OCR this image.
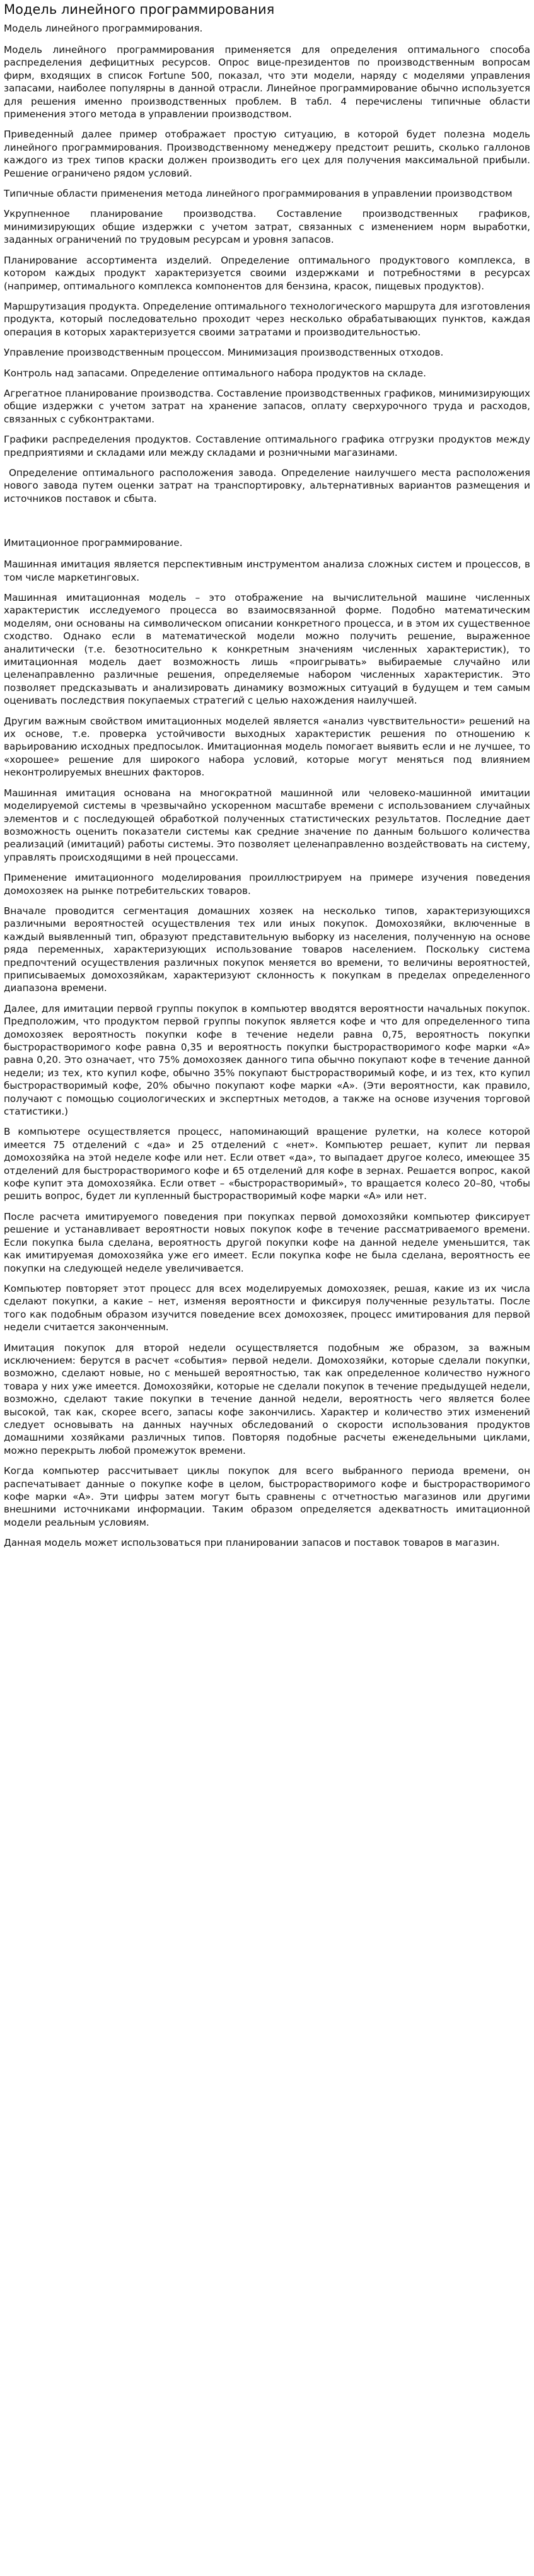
Модель линейного программирования
Модель линейного программирования.

Модель линейного программирования применяется для определения оптимального способа распределения дефицитных ресурсов. Опрос вице-президентов по производственным вопросам фирм, входящих в список Fortune 500, показал, что эти модели, наряду с моделями управления запасами, наиболее популярны в данной отрасли. Линейное программирование обычно используется для решения именно производственных проблем. В табл. 4 перечислены типичные области применения этого метода в управлении производством.

Приведенный далее пример отображает простую ситуацию, в которой будет полезна модель линейного программирования. Производственному менеджеру предстоит решить, сколько галлонов каждого из трех типов краски должен производить его цех для получения максимальной прибыли. Решение ограничено рядом условий.

Типичные области применения метода линейного программирования в управлении производством

Укрупненное планирование производства. Составление производственных графиков, минимизирующих общие издержки с учетом затрат, связанных с изменением норм выработки, заданных ограничений по трудовым ресурсам и уровня запасов.

Планирование ассортимента изделий. Определение оптимального продуктового комплекса, в котором каждых продукт характеризуется своими издержками и потребностями в ресурсах (например, оптимального комплекса компонентов для бензина, красок, пищевых продуктов).

Маршрутизация продукта. Определение оптимального технологического маршрута для изготовления продукта, который последовательно проходит через несколько обрабатывающих пунктов, каждая операция в которых характеризуется своими затратами и производительностью.

Управление производственным процессом. Минимизация производственных отходов.

Контроль над запасами. Определение оптимального набора продуктов на складе.

Агрегатное планирование производства. Составление производственных графиков, минимизирующих общие издержки с учетом затрат на хранение запасов, оплату сверхурочного труда и расходов, связанных с субконтрактами.

Графики распределения продуктов. Составление оптимального графика отгрузки продуктов между предприятиями и складами или между складами и розничными магазинами.

Определение оптимального расположения завода. Определение наилучшего места расположения нового завода путем оценки затрат на транспортировку, альтернативных вариантов размещения и источников поставок и сбыта.

Имитационное программирование.

Машинная имитация является перспективным инструментом анализа сложных систем и процессов, в том числе маркетинговых.

Машинная имитационная модель – это отображение на вычислительной машине численных характеристик исследуемого процесса во взаимосвязанной форме. Подобно математическим моделям, они основаны на символическом описании конкретного процесса, и в этом их существенное сходство. Однако если в математической модели можно получить решение, выраженное аналитически (т.е. безотносительно к конкретным значениям численных характеристик), то имитационная модель дает возможность лишь «проигрывать» выбираемые случайно или целенаправленно различные решения, определяемые набором численных характеристик. Это позволяет предсказывать и анализировать динамику возможных ситуаций в будущем и тем самым оценивать последствия покупаемых стратегий с целью нахождения наилучшей.

Другим важным свойством имитационных моделей является «анализ чувствительности» решений на их основе, т.е. проверка устойчивости выходных характеристик решения по отношению к варьированию исходных предпосылок. Имитационная модель помогает выявить если и не лучшее, то «хорошее» решение для широкого набора условий, которые могут меняться под влиянием неконтролируемых внешних факторов.

Машинная имитация основана на многократной машинной или человеко-машинной имитации моделируемой системы в чрезвычайно ускоренном масштабе времени с использованием случайных элементов и с последующей обработкой полученных статистических результатов. Последние дает возможность оценить показатели системы как средние значение по данным большого количества реализаций (имитаций) работы системы. Это позволяет целенаправленно воздействовать на систему, управлять происходящими в ней процессами.

Применение имитационного моделирования проиллюстрируем на примере изучения поведения домохозяек на рынке потребительских товаров.

Вначале проводится сегментация домашних хозяек на несколько типов, характеризующихся различными вероятностей осуществления тех или иных покупок. Домохозяйки, включенные в каждый выявленный тип, образуют представительную выборку из населения, полученную на основе ряда переменных, характеризующих использование товаров населением. Поскольку система предпочтений осуществления различных покупок меняется во времени, то величины вероятностей, приписываемых домохозяйкам, характеризуют склонность к покупкам в пределах определенного диапазона времени.

Далее, для имитации первой группы покупок в компьютер вводятся вероятности начальных покупок. Предположим, что продуктом первой группы покупок является кофе и что для определенного типа домохозяек вероятность покупки кофе в течение недели равна 0,75, вероятность покупки быстрорастворимого кофе равна 0,35 и вероятность покупки быстрорастворимого кофе марки «А» равна 0,20. Это означает, что 75% домохозяек данного типа обычно покупают кофе в течение данной недели; из тех, кто купил кофе, обычно 35% покупают быстрорастворимый кофе, и из тех, кто купил быстрорастворимый кофе, 20% обычно покупают кофе марки «А». (Эти вероятности, как правило, получают с помощью социологических и экспертных методов, а также на основе изучения торговой статистики.)

В компьютере осуществляется процесс, напоминающий вращение рулетки, на колесе которой имеется 75 отделений с «да» и 25 отделений с «нет». Компьютер решает, купит ли первая домохозяйка на этой неделе кофе или нет. Если ответ «да», то выпадает другое колесо, имеющее 35 отделений для быстрорастворимого кофе и 65 отделений для кофе в зернах. Решается вопрос, какой кофе купит эта домохозяйка. Если ответ – «быстрорастворимый», то вращается колесо 20–80, чтобы решить вопрос, будет ли купленный быстрорастворимый кофе марки «А» или нет.

После расчета имитируемого поведения при покупках первой домохозяйки компьютер фиксирует решение и устанавливает вероятности новых покупок кофе в течение рассматриваемого времени. Если покупка была сделана, вероятность другой покупки кофе на данной неделе уменьшится, так как имитируемая домохозяйка уже его имеет. Если покупка кофе не была сделана, вероятность ее покупки на следующей неделе увеличивается.

Компьютер повторяет этот процесс для всех моделируемых домохозяек, решая, какие из их числа сделают покупки, а какие – нет, изменяя вероятности и фиксируя полученные результаты. После того как подобным образом изучится поведение всех домохозяек, процесс имитирования для первой недели считается законченным.

Имитация покупок для второй недели осуществляется подобным же образом, за важным исключением: берутся в расчет «события» первой недели. Домохозяйки, которые сделали покупки, возможно, сделают новые, но с меньшей вероятностью, так как определенное количество нужного товара у них уже имеется. Домохозяйки, которые не сделали покупок в течение предыдущей недели, возможно, сделают такие покупки в течение данной недели, вероятность чего является более высокой, так как, скорее всего, запасы кофе закончились. Характер и количество этих изменений следует основывать на данных научных обследований о скорости использования продуктов домашними хозяйками различных типов. Повторяя подобные расчеты еженедельными циклами, можно перекрыть любой промежуток времени.

Когда компьютер рассчитывает циклы покупок для всего выбранного периода времени, он распечатывает данные о покупке кофе в целом, быстрорастворимого кофе и быстрорастворимого кофе марки «А». Эти цифры затем могут быть сравнены с отчетностью магазинов или другими внешними источниками информации. Таким образом определяется адекватность имитационной модели реальным условиям.

Данная модель может использоваться при планировании запасов и поставок товаров в магазин.
